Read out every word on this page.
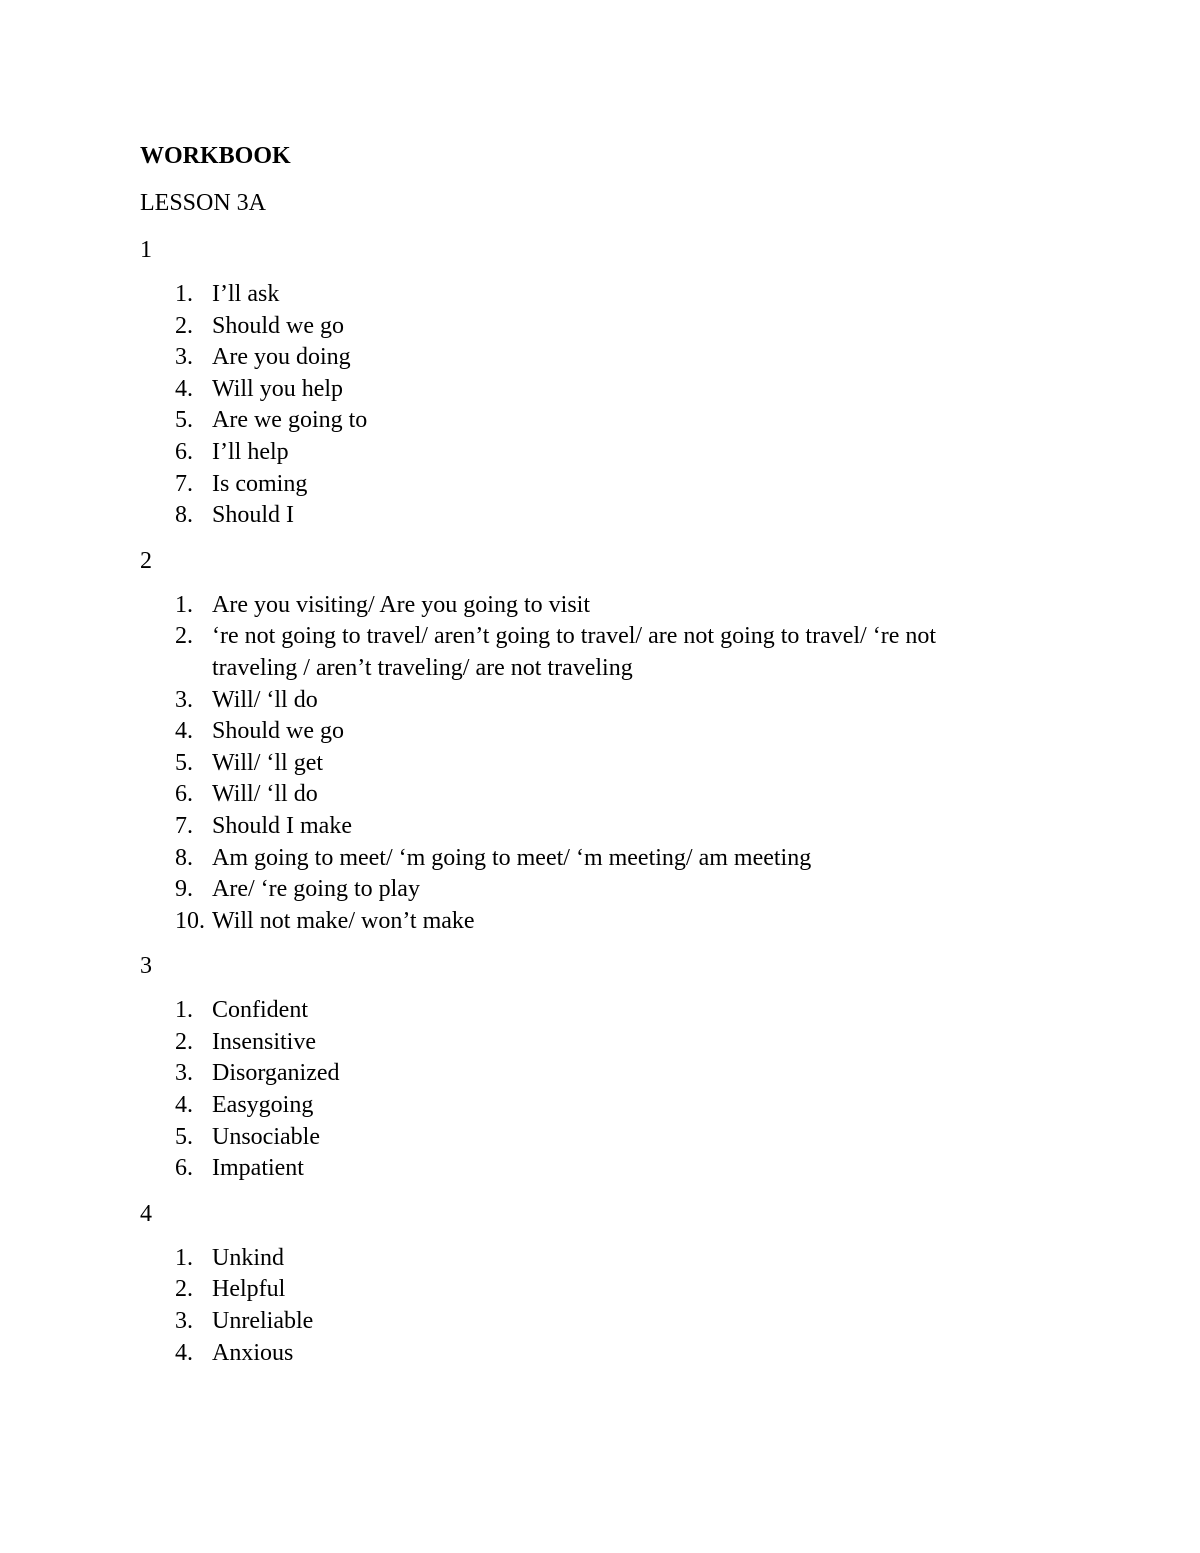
WORKBOOK
LESSON 3A
1
1. I’ll ask
2. Should we go
3. Are you doing
4. Will you help
5. Are we going to
6. I’ll help
7. Is coming
8. Should I
2
1. Are you visiting/ Are you going to visit
2. ‘re not going to travel/ aren’t going to travel/ are not going to travel/ ‘re not traveling / aren’t traveling/ are not traveling
3. Will/ ‘ll do
4. Should we go
5. Will/ ‘ll get
6. Will/ ‘ll do
7. Should I make
8. Am going to meet/ ‘m going to meet/ ‘m meeting/ am meeting
9. Are/ ‘re going to play
10. Will not make/ won’t make
3
1. Confident
2. Insensitive
3. Disorganized
4. Easygoing
5. Unsociable
6. Impatient
4
1. Unkind
2. Helpful
3. Unreliable
4. Anxious
